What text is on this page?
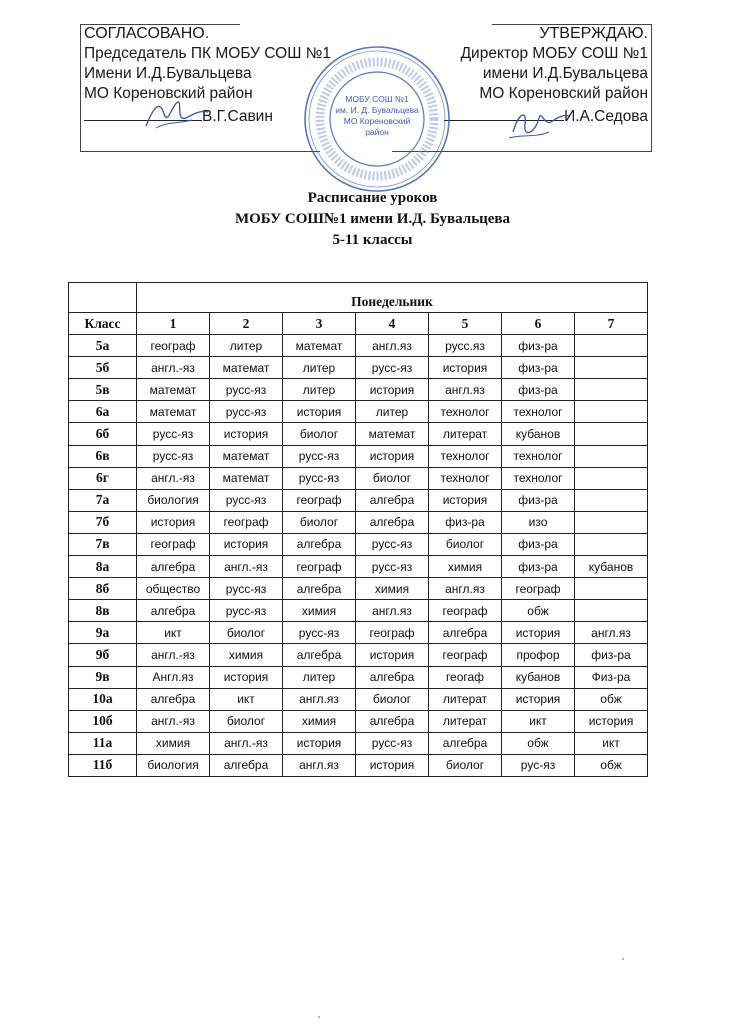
СОГЛАСОВАНО.
Председатель ПК МОБУ СОШ №1
Имени И.Д.Бувальцева
МО Кореновский район
В.Г.Савин
УТВЕРЖДАЮ.
Директор МОБУ СОШ №1
имени И.Д.Бувальцева
МО Кореновский район
И.А.Седова
МОБУ СОШ №1
им. И. Д. Бувальцева
МО Кореновский
район
Расписание уроков
МОБУ СОШ№1 имени И.Д. Бувальцева
5-11 классы
	Понедельник						
Класс	1	2	3	4	5	6	7
5а	географ	литер	математ	англ.яз	русс.яз	физ-ра	
5б	англ.-яз	математ	литер	русс-яз	история	физ-ра	
5в	математ	русс-яз	литер	история	англ.яз	физ-ра	
6а	математ	русс-яз	история	литер	технолог	технолог	
6б	русс-яз	история	биолог	математ	литерат	кубанов	
6в	русс-яз	математ	русс-яз	история	технолог	технолог	
6г	англ.-яз	математ	русс-яз	биолог	технолог	технолог	
7а	биология	русс-яз	географ	алгебра	история	физ-ра	
7б	история	географ	биолог	алгебра	физ-ра	изо	
7в	географ	история	алгебра	русс-яз	биолог	физ-ра	
8а	алгебра	англ.-яз	географ	русс-яз	химия	физ-ра	кубанов
8б	общество	русс-яз	алгебра	химия	англ.яз	географ	
8в	алгебра	русс-яз	химия	англ.яз	географ	обж	
9а	икт	биолог	русс-яз	географ	алгебра	история	англ.яз
9б	англ.-яз	химия	алгебра	история	географ	профор	физ-ра
9в	Англ.яз	история	литер	алгебра	геогаф	кубанов	Физ-ра
10а	алгебра	икт	англ.яз	биолог	литерат	история	обж
10б	англ.-яз	биолог	химия	алгебра	литерат	икт	история
11а	химия	англ.-яз	история	русс-яз	алгебра	обж	икт
11б	биология	алгебра	англ.яз	история	биолог	рус-яз	обж
